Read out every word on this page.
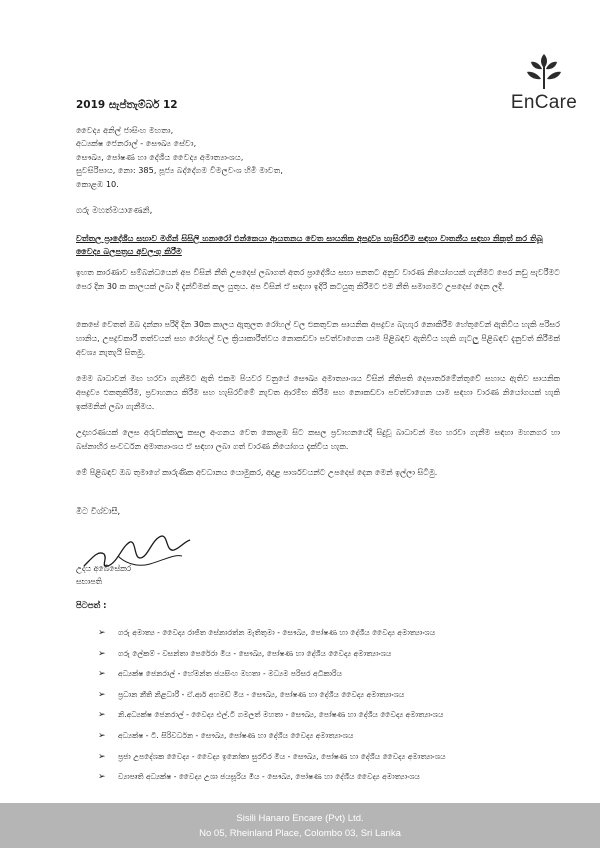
EnCare
2019 සැප්තැම්බර් 12
වෛද්‍ය අනිල් ජාසිංහ මහතා,
අධ්‍යක්ෂ ජෙනරාල් - සෞඛ්‍ය සේවා,
සෞඛ්‍ය, පෝෂණ හා දේශීය වෛද්‍ය අමාත්‍යාංශය,
සුවසිරිපාය, නො: 385, පූජ්‍ය බද්දේගම විමලවංශ හිමි මාවත,
කොළඹ 10.
ගරු මහත්මයාණෙනි,
වත්තල ප්‍රාදේශීය සභාව මගින් සිසිලි හනාරෝ එන්කෙයා ආයතනය වෙත සායනික අපද්‍රව්‍ය හැසිරවීම සඳහා වාතනීය සඳහා නිකුත් කර තිබූ වෛද්‍ය බලපත්‍රය අවලංගු කිරීම
ඉහත කාරණාව සම්බන්ධයෙන් අප විසින් නීති උපදෙස් ලබාගත් අතර ප්‍රාදේශීය සභා පනතට අනුව වාරණ නියෝගයක් ගැනීමට පෙර නඩු පැවරීමට පෙර දින 30 ක කාලයක් ලබා දී දැන්වීමක් කල යුතුය. අප විසින් ඒ සඳහා ඉදිරි කටයුතු කිරීමට එම නීති සමාගමට උපදෙස් දෙන ලදී.
කෙසේ වෙතත් ඔබ දන්නා පරිදි දින 30ක කාලය ඇතුලත රෝහල් වල එකතුවන සායනික අපද්‍රව්‍ය බැහැර නොකිරීම හේතුවෙන් ඇතිවිය හැකි පරිසර හානිය, උපද්‍රවකාරී තත්වයන් සහ රෝහල් වල ක්‍රියාකාරීත්වය නොකඩවා පවත්වාගෙන යාම පිළිබඳව ඇතිවිය හැකි ගැටලු පිළිබඳව දැනුවත් කිරීමක් අවශ්‍ය නැතැයි සිතමු.
මෙම බාධාවන් මඟ හරවා ගැනීමට ඇති එකම පියවර වනුයේ සෞඛ්‍ය අමාත්‍යාංශය විසින් නීතිපති දෙපාර්තමේන්තුවේ සහාය ඇතිව සායනික අපද්‍රව්‍ය එකතුකිරීම, ප්‍රවාහනය කිරීම සහ හැසිරවීමේ නැවත ආරම්භ කිරීම සහ නොකඩවා පවත්වාගෙන යාම සඳහා වාරණ නියෝගයක් හැකි ඉක්මනින් ලබා ගැනීමය.
උදාහරණයක් ලෙස අරුවක්කාලු කසල අංගනය වෙත කොළඹ සිට කසල ප්‍රවාහනයේදී සිදුවූ බාධාවන් මඟ හරවා ගැනීම සඳහා මහනගර හා බස්නාහිර සංවර්ධන අමාත්‍යාංශය ඒ සඳහා ලබා ගත් වාරණ නියෝගය දැක්විය හැක.
මේ පිළිබඳව ඔබ තුමාගේ කාරුණික අවධානය යොමුකර, අදාළ පාර්ශවයන්ට උපදෙස් දෙන මෙන් ඉල්ලා සිටිමු.
මීට විශ්වාසී,
උදය අබේසේකර
සභාපති
පිටපත් :
➢ ගරු අමාත්‍ය - වෛද්‍ය රාජිත සේනාරත්න මැතිතුමා - සෞඛ්‍ය, පෝෂණ හා දේශීය වෛද්‍ය අමාත්‍යාංශය
➢ ගරු ලේකම් - වසන්තා පෙරේරා මිය - සෞඛ්‍ය, පෝෂණ හා දේශීය වෛද්‍ය අමාත්‍යාංශය
➢ අධ්‍යක්ෂ ජෙනරාල් - හේමන්ත ජයසිංහ මහතා - මධ්‍යම පරිසර අධිකාරිය
➢ ප්‍රධාන නීති නිළධාරී - ඒ.ආර් අහමඩ් මිය - සෞඛ්‍ය, පෝෂණ හා දේශීය වෛද්‍ය අමාත්‍යාංශය
➢ නි.අධ්‍යක්ෂ ජෙනරාල් - වෛද්‍ය එල්.ටී ගමලත් මහතා - සෞඛ්‍ය, පෝෂණ හා දේශීය වෛද්‍ය අමාත්‍යාංශය
➢ අධ්‍යක්ෂ - ටී. සිරිවර්ධන - සෞඛ්‍ය, පෝෂණ හා දේශීය වෛද්‍ය අමාත්‍යාංශය
➢ ප්‍රජා උපදේශක වෛද්‍ය - වෛද්‍ය ඉනෝකා සුරවීර මිය - සෞඛ්‍ය, පෝෂණ හා දේශීය වෛද්‍ය අමාත්‍යාංශය
➢ ව්‍යාපෘති අධ්‍යක්ෂ - වෛද්‍ය උශා ජයසූරිය මිය - සෞඛ්‍ය, පෝෂණ හා දේශීය වෛද්‍ය අමාත්‍යාංශය
Sisili Hanaro Encare (Pvt) Ltd.
No 05, Rheinland Place, Colombo 03, Sri Lanka
